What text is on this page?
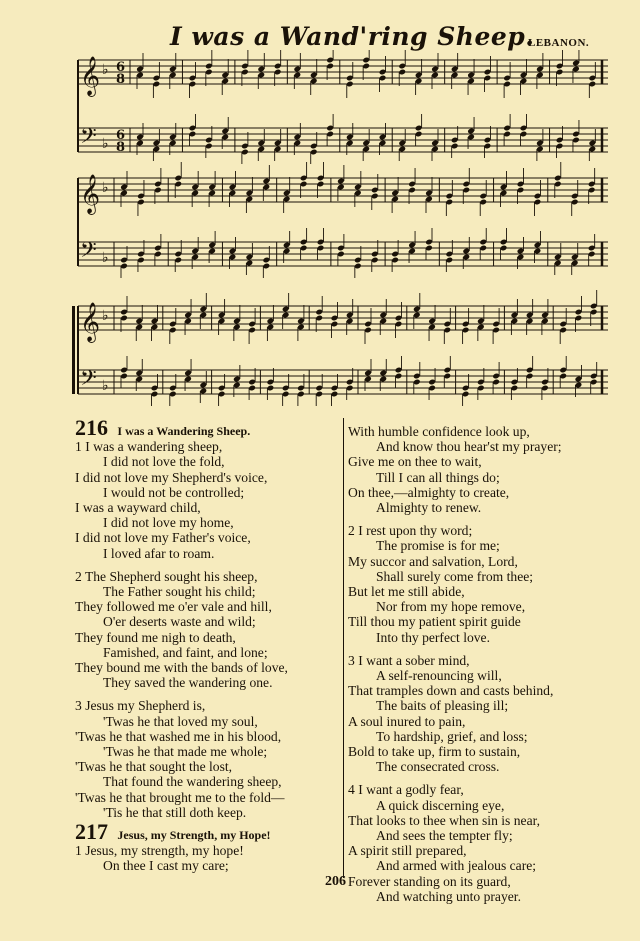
I was a Wand'ring Sheep.
LEBANON.
𝄞 ♭ 6
8
𝄢 ♭
6
8
𝄞 ♭
𝄢 ♭
𝄞 ♭
𝄢 ♭
216 I was a Wandering Sheep.
1 I was a wandering sheep,
I did not love the fold,
I did not love my Shepherd's voice,
I would not be controlled;
I was a wayward child,
I did not love my home,
I did not love my Father's voice,
I loved afar to roam.
2 The Shepherd sought his sheep,
The Father sought his child;
They followed me o'er vale and hill,
O'er deserts waste and wild;
They found me nigh to death,
Famished, and faint, and lone;
They bound me with the bands of love,
They saved the wandering one.
3 Jesus my Shepherd is,
'Twas he that loved my soul,
'Twas he that washed me in his blood,
'Twas he that made me whole;
'Twas he that sought the lost,
That found the wandering sheep,
'Twas he that brought me to the fold—
'Tis he that still doth keep.
217 Jesus, my Strength, my Hope!
1 Jesus, my strength, my hope!
On thee I cast my care;
With humble confidence look up,
And know thou hear'st my prayer;
Give me on thee to wait,
Till I can all things do;
On thee,—almighty to create,
Almighty to renew.
2 I rest upon thy word;
The promise is for me;
My succor and salvation, Lord,
Shall surely come from thee;
But let me still abide,
Nor from my hope remove,
Till thou my patient spirit guide
Into thy perfect love.
3 I want a sober mind,
A self-renouncing will,
That tramples down and casts behind,
The baits of pleasing ill;
A soul inured to pain,
To hardship, grief, and loss;
Bold to take up, firm to sustain,
The consecrated cross.
4 I want a godly fear,
A quick discerning eye,
That looks to thee when sin is near,
And sees the tempter fly;
A spirit still prepared,
And armed with jealous care;
Forever standing on its guard,
And watching unto prayer.
206
